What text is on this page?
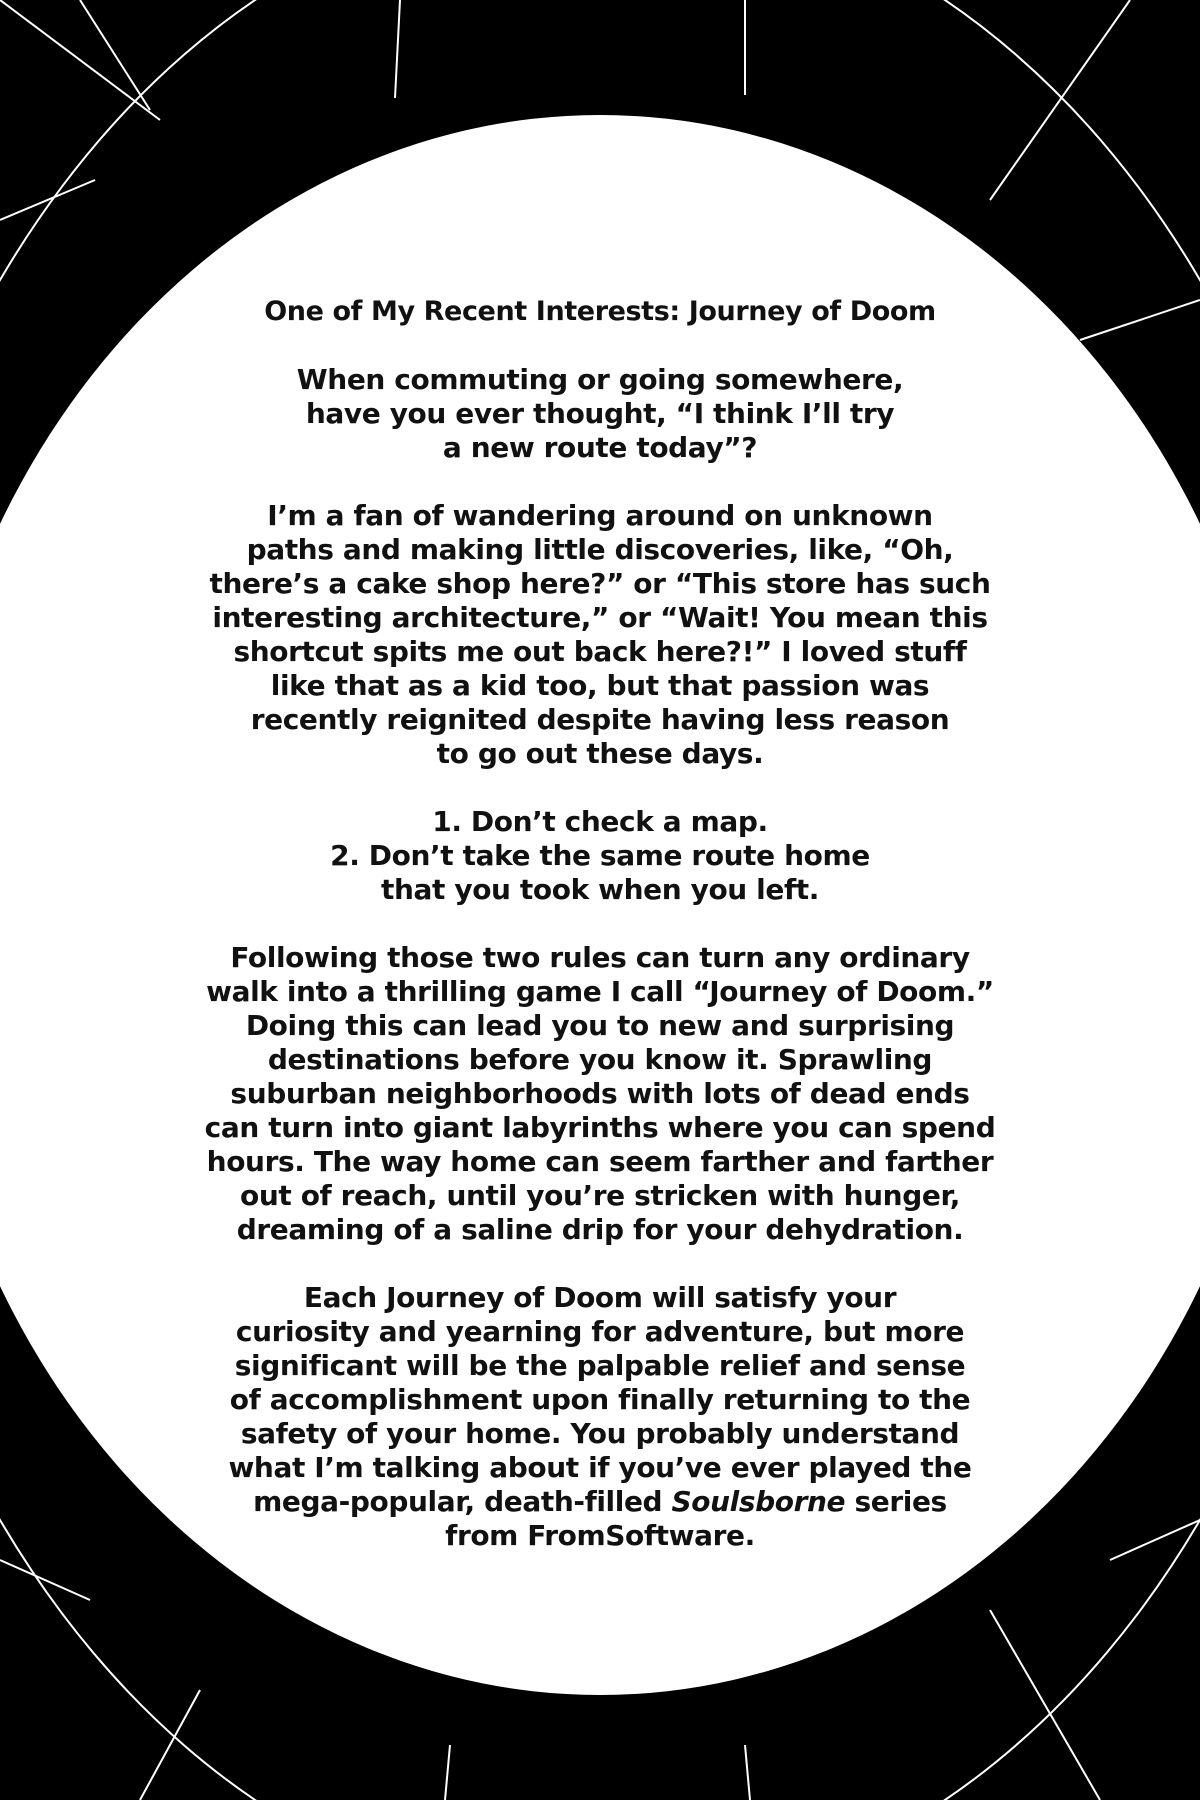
One of My Recent Interests: Journey of Doom
When commuting or going somewhere,
have you ever thought, “I think I’ll try
a new route today”?
I’m a fan of wandering around on unknown
paths and making little discoveries, like, “Oh,
there’s a cake shop here?” or “This store has such
interesting architecture,” or “Wait! You mean this
shortcut spits me out back here?!” I loved stuff
like that as a kid too, but that passion was
recently reignited despite having less reason
to go out these days.
1. Don’t check a map.
2. Don’t take the same route home
that you took when you left.
Following those two rules can turn any ordinary
walk into a thrilling game I call “Journey of Doom.”
Doing this can lead you to new and surprising
destinations before you know it. Sprawling
suburban neighborhoods with lots of dead ends
can turn into giant labyrinths where you can spend
hours. The way home can seem farther and farther
out of reach, until you’re stricken with hunger,
dreaming of a saline drip for your dehydration.
Each Journey of Doom will satisfy your
curiosity and yearning for adventure, but more
significant will be the palpable relief and sense
of accomplishment upon finally returning to the
safety of your home. You probably understand
what I’m talking about if you’ve ever played the
mega-popular, death-filled Soulsborne series
from FromSoftware.
